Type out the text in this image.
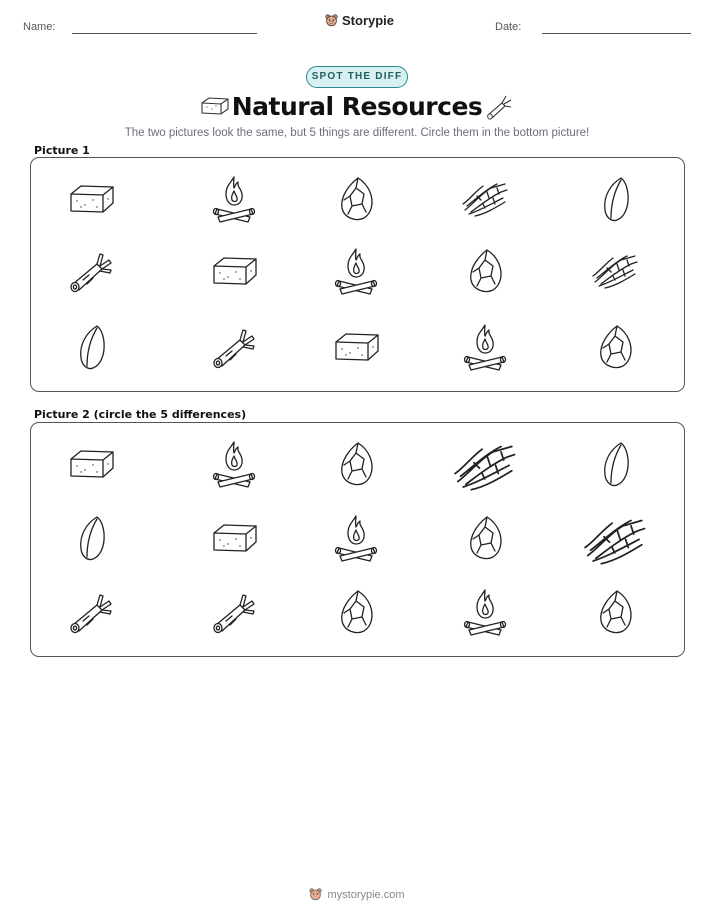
Name:	Storypie	Date:
SPOT THE DIFF
Natural Resources
The two pictures look the same, but 5 things are different. Circle them in the bottom picture!
Picture 1
Picture 2 (circle the 5 differences)
mystorypie.com
